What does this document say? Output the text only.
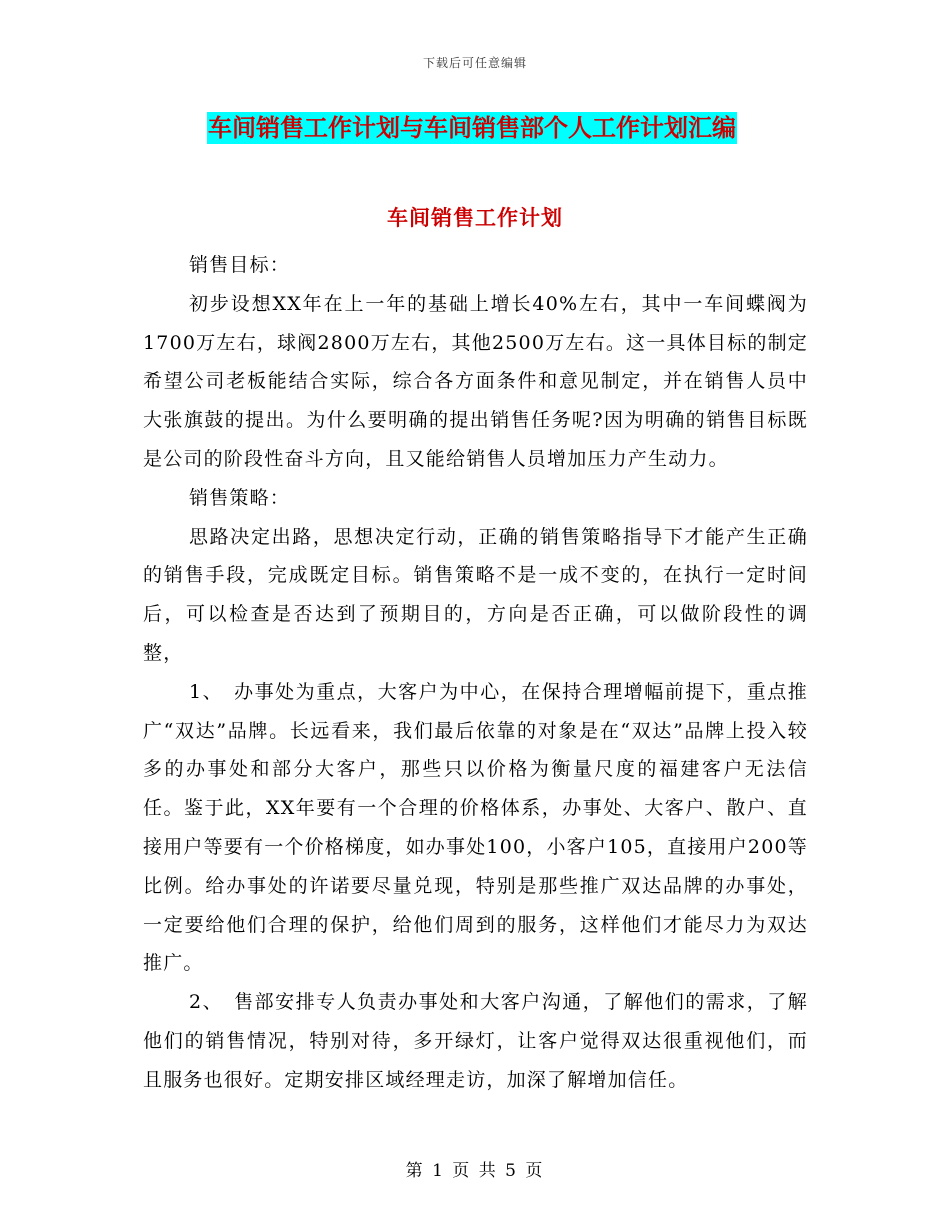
下载后可任意编辑
车间销售工作计划与车间销售部个人工作计划汇编
车间销售工作计划

销售目标：

初步设想XX年在上一年的基础上增长40%左右，其中一车间蝶阀为1700万左右，球阀2800万左右，其他2500万左右。这一具体目标的制定希望公司老板能结合实际，综合各方面条件和意见制定，并在销售人员中大张旗鼓的提出。为什么要明确的提出销售任务呢?因为明确的销售目标既是公司的阶段性奋斗方向，且又能给销售人员增加压力产生动力。

销售策略：

思路决定出路，思想决定行动，正确的销售策略指导下才能产生正确的销售手段，完成既定目标。销售策略不是一成不变的，在执行一定时间后，可以检查是否达到了预期目的，方向是否正确，可以做阶段性的调整，

1、　办事处为重点，大客户为中心，在保持合理增幅前提下，重点推广“双达”品牌。长远看来，我们最后依靠的对象是在“双达”品牌上投入较多的办事处和部分大客户，那些只以价格为衡量尺度的福建客户无法信任。鉴于此，XX年要有一个合理的价格体系，办事处、大客户、散户、直接用户等要有一个价格梯度，如办事处100，小客户105，直接用户200等比例。给办事处的许诺要尽量兑现，特别是那些推广双达品牌的办事处，一定要给他们合理的保护，给他们周到的服务，这样他们才能尽力为双达推广。

2、　售部安排专人负责办事处和大客户沟通，了解他们的需求，了解他们的销售情况，特别对待，多开绿灯，让客户觉得双达很重视他们，而且服务也很好。定期安排区域经理走访，加深了解增加信任。

第 1 页 共 5 页
